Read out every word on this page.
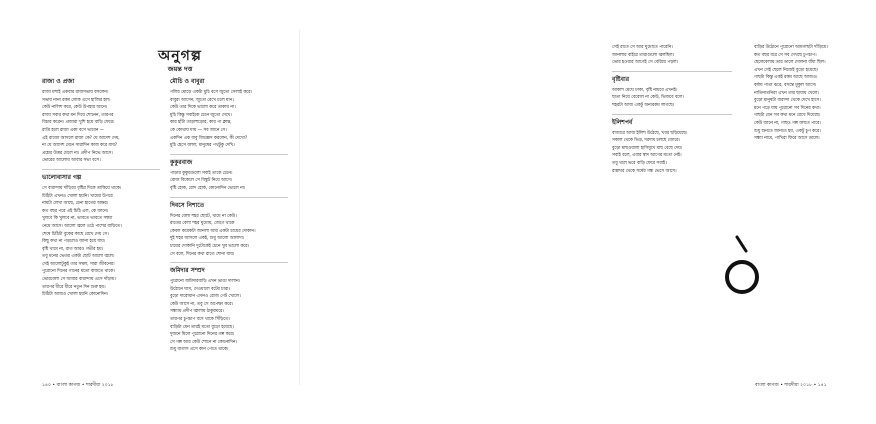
অনুগল্প
জয়ন্ত দত্ত
রাজা ও প্রজা
রাজা মশাই একবার রাজসভায় বসলেন।
সভায় নানা রকম লোক এসে হাজির হল।
কেউ নালিশ করে, কেউ উপহার আনে।
রাজা সবার কথা মন দিয়ে শোনেন, তারপর
বিচার করেন। প্রজারা খুশি হয়ে বাড়ি ফেরে।
রাত্রি হলে রাজা একা বসে ভাবেন —
এই রাজ্যে আসলে রাজা কে? যে আদেশ দেয়,
না যে আদেশ মেনে সারাদিন কাজ করে যায়?
প্রশ্নের উত্তর মেলে না। প্রদীপ নিভে আসে।
ভোরের আলোয় আবার সভা বসে।
ভালোবাসার গল্প
সে বারান্দায় দাঁড়িয়ে বৃষ্টির দিকে তাকিয়ে থাকে।
চিঠিটা এখনও খোলা হয়নি। খামের উপরে
নামটা লেখা আছে, চেনা হাতের অক্ষর।
কত বছর পরে এই চিঠি এল, কে জানে।
খুলবে কি খুলবে না, ভাবতে ভাবতে সন্ধ্যা
নেমে আসে। আলো জ্বলে ওঠে পাশের বাড়িতে।
শেষে চিঠিটা বুকের কাছে রেখে দেয় সে।
কিছু কথা না পড়লেও জানা হয়ে যায়।
বৃষ্টি থামে না, রাত আরও গভীর হয়।
তবু মনের ভেতর একটা ছোট আলো জ্বলে।
সেই আলোটুকুই তার সম্বল, সারা জীবনের।
পুরোনো দিনের গানের মতো বাজতে থাকে।
ভোরবেলা সে আবার বারান্দায় এসে দাঁড়ায়।
তারপর ধীরে ধীরে নতুন দিন শুরু হয়।
চিঠিটা আজও খোলা হয়নি কোনোদিন।
মৌচি ও বাবুরা
গলির মোড়ে একটা মুচি বসে জুতো সেলাই করে।
বাবুরা আসেন, জুতো রেখে চলে যান।
কেউ তার দিকে ভালো করে তাকায় না।
মুচি কিন্তু সবাইকে চেনে জুতো দেখে।
কার হাঁটা তাড়াহুড়োর, কার পা ক্লান্ত,
কে কোথায় যায় — সব জানে সে।
একদিন এক বাবু জিজ্ঞেস করলেন, কী দেখো?
মুচি হেসে বলল, মানুষের পথটুকু দেখি।
কুকুরবাজ
পাড়ার কুকুরগুলো সবাই তাকে চেনে।
রোজ বিকেলে সে বিস্কুট নিয়ে আসে।
বৃষ্টি হোক, রোদ হোক, কোনোদিন ভোলে না।
দিবসে নিশাতে
দিনের বেলা শহর ছোটে, থামে না কেউ।
রাতের বেলা শহর ঘুমোয়, জেগে থাকে
কেবল কয়েকটা জানলা আর একটা চায়ের দোকান।
দুই শহর আসলে একই, শুধু আলো আলাদা।
চায়ের দোকানি দুটোকেই চেনে খুব ভালো করে।
সে বলে, দিনের কথা রাতে শোনা যায়।
জমিদার সম্প্রদ
পুরোনো জমিদারবাড়ি এখন ভাঙা দালান।
উঠোনে ঘাস, দেওয়ালে বটের চারা।
বুড়ো দারোয়ান এখনও রোজ গেট খোলে।
কেউ আসে না, তবু সে অপেক্ষা করে।
সন্ধ্যায় প্রদীপ জ্বালায় ঠাকুরঘরে।
তারপর চুপচাপ বসে থাকে সিঁড়িতে।
বাড়িটা যেন তারই মতো বুড়ো হয়েছে।
দুজনে মিলে পুরোনো দিনের গল্প করে।
সে গল্প আর কেউ শোনে না কোনোদিন।
শুধু বাতাস এসে কান পেতে থাকে।
১৪০ • বাংলা কাগজ • শারদীয়া ২০১৮
সেই রাতে সে আর ঘুমোতে পারেনি।
জানলার বাইরে তারাগুলো জ্বলছিল।
ভোর হওয়ার আগেই সে বেরিয়ে পড়ল।
বৃষ্টিবার
আকাশ মেঘে ঢাকা, বৃষ্টি নামবে এখনই।
ছাতা নিয়ে বেরোল না কেউ, ভিজবে বলে।
শহরটা আজ একটু অন্যরকম লাগছে।
ইলিশপর্ব
বাজারে আজ ইলিশ উঠেছে, খবর ছড়িয়েছে।
সকাল থেকে ভিড়, দরদাম চলছে জোরে।
বুড়ো মাছওয়ালা হাসিমুখে মাছ বেছে দেয়।
সবাই বলে, এবার স্বাদ আগের মতো নেই।
তবু থলে ভরে বাড়ি ফেরে সবাই।
রান্নাঘর থেকে সর্ষের গন্ধ ভেসে আসে।
বাড়ির উঠোনে পুরোনো আমগাছটা দাঁড়িয়ে।
কত বছর ধরে সে সব দেখছে চুপচাপ।
ছেলেবেলায় তার ডালে দোলনা বাঁধা ছিল।
এখন সেই ছেলে নিজেই বুড়ো হয়েছে।
গাছটা কিন্তু একই রকম আছে আজও।
বর্ষায় পাতা ঝরে, বসন্তে মুকুল আসে।
নাতিনাতনিরা এখন তার ছায়ায় খেলে।
বুড়ো মানুষটা বারান্দা থেকে দেখে হাসে।
মনে পড়ে যায় পুরোনো সব দিনের কথা।
গাছটা যেন সব কথা মনে রেখে দিয়েছে।
কেউ জানে না, গাছও গল্প বলতে পারে।
শুধু শুনতে জানতে হয়, একটু চুপ করে।
সন্ধ্যা নামে, পাখিরা ফিরে আসে ডালে।
বাংলা কাগজ • শারদীয়া ২০১৮ • ১৪১
